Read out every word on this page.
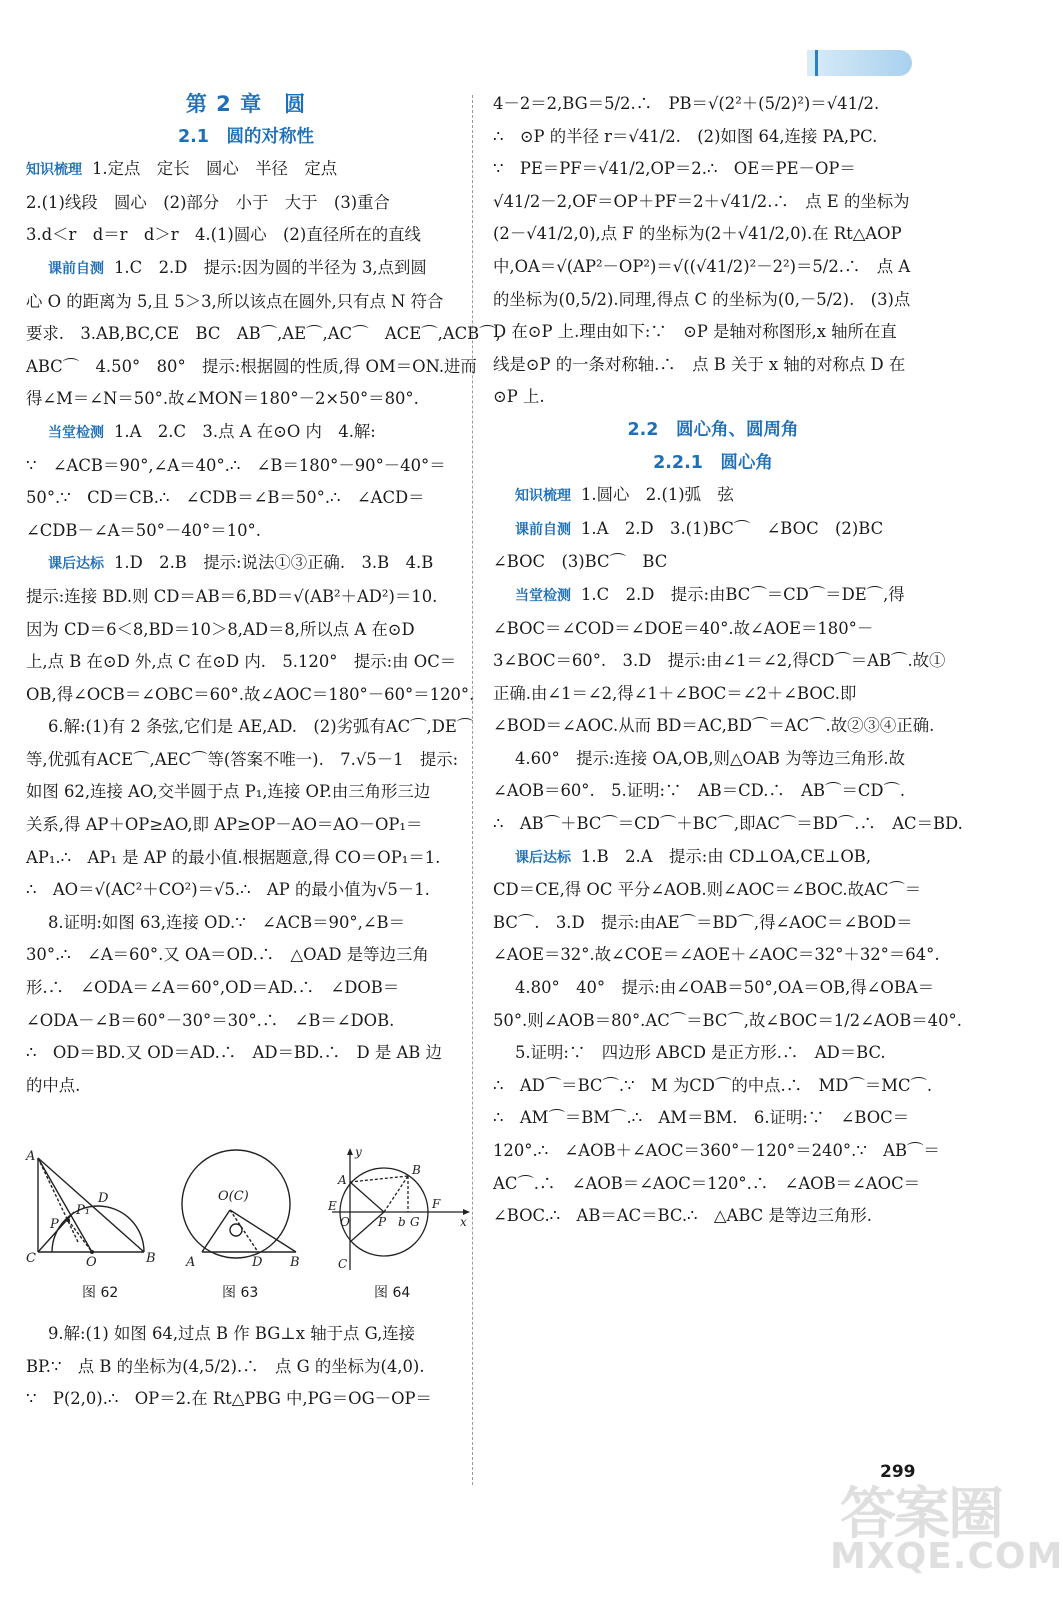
第 2 章　圆
2.1　圆的对称性
知识梳理 1.定点　定长　圆心　半径　定点
2.(1)线段　圆心　(2)部分　小于　大于　(3)重合
3.d＜r　d＝r　d＞r　4.(1)圆心　(2)直径所在的直线
课前自测 1.C　2.D　提示:因为圆的半径为 3,点到圆
心 O 的距离为 5,且 5＞3,所以该点在圆外,只有点 N 符合
要求.　3.AB,BC,CE　BC　AB⌒,AE⌒,AC⌒　ACE⌒,ACB⌒,
ABC⌒　4.50°　80°　提示:根据圆的性质,得 OM＝ON.进而
得∠M＝∠N＝50°.故∠MON＝180°－2×50°＝80°.
当堂检测 1.A　2.C　3.点 A 在⊙O 内　4.解:
∵　∠ACB＝90°,∠A＝40°.∴　∠B＝180°－90°－40°＝
50°.∵　CD＝CB.∴　∠CDB＝∠B＝50°.∴　∠ACD＝
∠CDB－∠A＝50°－40°＝10°.
课后达标 1.D　2.B　提示:说法①③正确.　3.B　4.B
提示:连接 BD.则 CD＝AB＝6,BD＝√(AB²＋AD²)＝10.
因为 CD＝6＜8,BD＝10＞8,AD＝8,所以点 A 在⊙D
上,点 B 在⊙D 外,点 C 在⊙D 内.　5.120°　提示:由 OC＝
OB,得∠OCB＝∠OBC＝60°.故∠AOC＝180°－60°＝120°.
6.解:(1)有 2 条弦,它们是 AE,AD.　(2)劣弧有AC⌒,DE⌒
等,优弧有ACE⌒,AEC⌒等(答案不唯一).　7.√5－1　提示:
如图 62,连接 AO,交半圆于点 P₁,连接 OP.由三角形三边
关系,得 AP＋OP≥AO,即 AP≥OP－AO＝AO－OP₁＝
AP₁.∴　AP₁ 是 AP 的最小值.根据题意,得 CO＝OP₁＝1.
∴　AO＝√(AC²＋CO²)＝√5.∴　AP 的最小值为√5－1.
8.证明:如图 63,连接 OD.∵　∠ACB＝90°,∠B＝
30°.∴　∠A＝60°.又 OA＝OD.∴　△OAD 是等边三角
形.∴　∠ODA＝∠A＝60°,OD＝AD.∴　∠DOB＝
∠ODA－∠B＝60°－30°＝30°.∴　∠B＝∠DOB.
∴　OD＝BD.又 OD＝AD.∴　AD＝BD.∴　D 是 AB 边
的中点.
A
D
P
P₁
C	O	B
图 62
O(C)
A	D B
图 63
y
A
B
E
O P b G
F
x
C
图 64
9.解:(1) 如图 64,过点 B 作 BG⊥x 轴于点 G,连接
BP.∵　点 B 的坐标为(4,5/2).∴　点 G 的坐标为(4,0).
∵　P(2,0).∴　OP＝2.在 Rt△PBG 中,PG＝OG－OP＝
4－2＝2,BG＝5/2.∴　PB＝√(2²＋(5/2)²)＝√41/2.
∴　⊙P 的半径 r＝√41/2.　(2)如图 64,连接 PA,PC.
∵　PE＝PF＝√41/2,OP＝2.∴　OE＝PE－OP＝
√41/2－2,OF＝OP＋PF＝2＋√41/2.∴　点 E 的坐标为
(2－√41/2,0),点 F 的坐标为(2＋√41/2,0).在 Rt△AOP
中,OA＝√(AP²－OP²)＝√((√41/2)²－2²)＝5/2.∴　点 A
的坐标为(0,5/2).同理,得点 C 的坐标为(0,－5/2).　(3)点
D 在⊙P 上.理由如下:∵　⊙P 是轴对称图形,x 轴所在直
线是⊙P 的一条对称轴.∴　点 B 关于 x 轴的对称点 D 在
⊙P 上.
2.2　圆心角、圆周角
2.2.1　圆心角
知识梳理 1.圆心　2.(1)弧　弦
课前自测 1.A　2.D　3.(1)BC⌒　∠BOC　(2)BC
∠BOC　(3)BC⌒　BC
当堂检测 1.C　2.D　提示:由BC⌒＝CD⌒＝DE⌒,得
∠BOC＝∠COD＝∠DOE＝40°.故∠AOE＝180°－
3∠BOC＝60°.　3.D　提示:由∠1＝∠2,得CD⌒＝AB⌒.故①
正确.由∠1＝∠2,得∠1＋∠BOC＝∠2＋∠BOC.即
∠BOD＝∠AOC.从而 BD＝AC,BD⌒＝AC⌒.故②③④正确.
4.60°　提示:连接 OA,OB,则△OAB 为等边三角形.故
∠AOB＝60°.　5.证明:∵　AB＝CD.∴　AB⌒＝CD⌒.
∴　AB⌒＋BC⌒＝CD⌒＋BC⌒,即AC⌒＝BD⌒.∴　AC＝BD.
课后达标 1.B　2.A　提示:由 CD⊥OA,CE⊥OB,
CD＝CE,得 OC 平分∠AOB.则∠AOC＝∠BOC.故AC⌒＝
BC⌒.　3.D　提示:由AE⌒＝BD⌒,得∠AOC＝∠BOD＝
∠AOE＝32°.故∠COE＝∠AOE＋∠AOC＝32°＋32°＝64°.
4.80°　40°　提示:由∠OAB＝50°,OA＝OB,得∠OBA＝
50°.则∠AOB＝80°.AC⌒＝BC⌒,故∠BOC＝1/2∠AOB＝40°.
5.证明:∵　四边形 ABCD 是正方形.∴　AD＝BC.
∴　AD⌒＝BC⌒.∵　M 为CD⌒的中点.∴　MD⌒＝MC⌒.
∴　AM⌒＝BM⌒.∴　AM＝BM.　6.证明:∵　∠BOC＝
120°.∴　∠AOB＋∠AOC＝360°－120°＝240°.∵　AB⌒＝
AC⌒.∴　∠AOB＝∠AOC＝120°.∴　∠AOB＝∠AOC＝
∠BOC.∴　AB＝AC＝BC.∴　△ABC 是等边三角形.
299
答案圈
MXQE.COM
